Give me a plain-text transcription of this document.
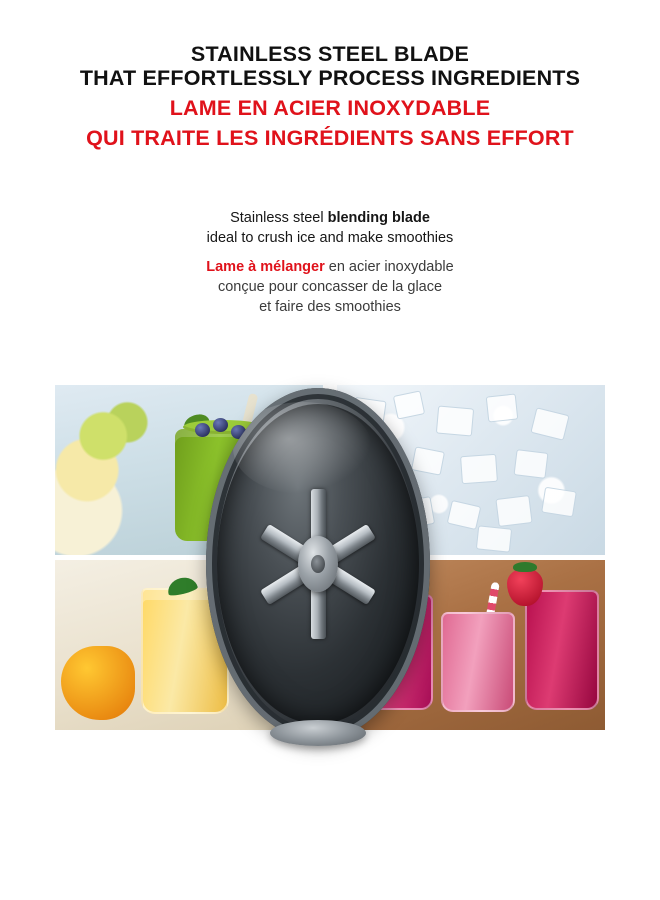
STAINLESS STEEL BLADE
THAT EFFORTLESSLY PROCESS INGREDIENTS
LAME EN ACIER INOXYDABLE
QUI TRAITE LES INGRÉDIENTS SANS EFFORT
Stainless steel blending blade
ideal to crush ice and make smoothies
Lame à mélanger en acier inoxydable
conçue pour concasser de la glace
et faire des smoothies
